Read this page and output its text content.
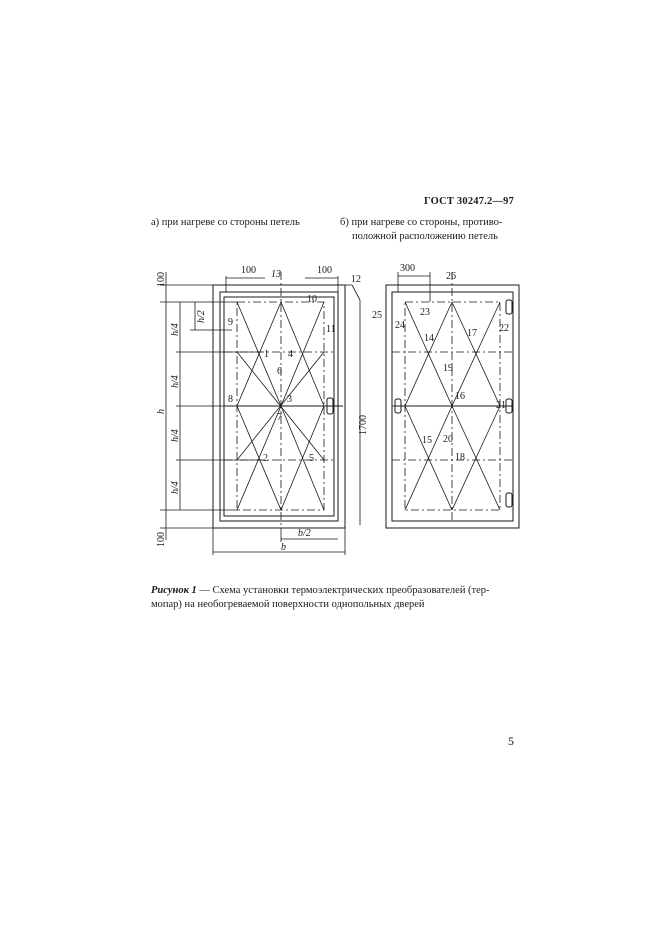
ГОСТ 30247.2—97
а) при нагреве со стороны петель	б) при нагреве со стороны, противо-
положной расположению петель
100
100
100	100
1700
h
h/4
h/4
h/4
h/4
h/2
b/2
b
1
2
3
4
5
6
7
8
9
10
11
12
13
300
14
15
16
17
18
19
20
21
22
23
24
25
26
Рисунок 1 — Схема установки термоэлектрических преобразователей (тер-
мопар) на необогреваемой поверхности однопольных дверей
5
